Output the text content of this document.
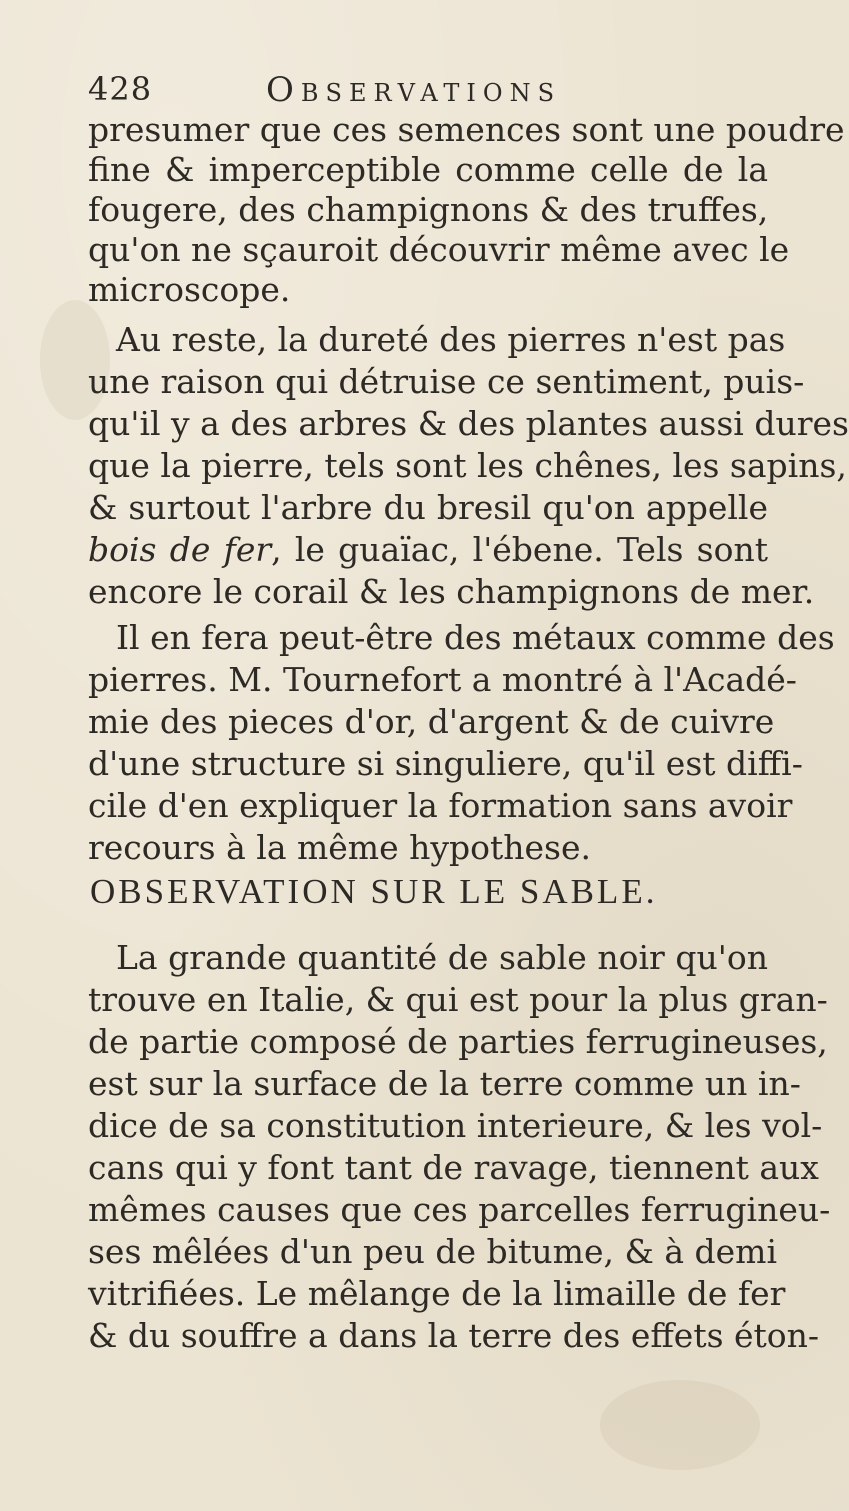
428	Observations
presumer que ces semences sont une poudre
fine & imperceptible comme celle de la
fougere, des champignons & des truffes,
qu'on ne sçauroit découvrir même avec le
microscope.
Au reste, la dureté des pierres n'est pas
une raison qui détruise ce sentiment, puis-
qu'il y a des arbres & des plantes aussi dures
que la pierre, tels sont les chênes, les sapins,
& surtout l'arbre du bresil qu'on appelle
bois de fer, le guaïac, l'ébene. Tels sont
encore le corail & les champignons de mer.
Il en fera peut-être des métaux comme des
pierres. M. Tournefort a montré à l'Acadé-
mie des pieces d'or, d'argent & de cuivre
d'une structure si singuliere, qu'il est diffi-
cile d'en expliquer la formation sans avoir
recours à la même hypothese.
OBSERVATION SUR LE SABLE.
La grande quantité de sable noir qu'on
trouve en Italie, & qui est pour la plus gran-
de partie composé de parties ferrugineuses,
est sur la surface de la terre comme un in-
dice de sa constitution interieure, & les vol-
cans qui y font tant de ravage, tiennent aux
mêmes causes que ces parcelles ferrugineu-
ses mêlées d'un peu de bitume, & à demi
vitrifiées. Le mêlange de la limaille de fer
& du souffre a dans la terre des effets éton-
